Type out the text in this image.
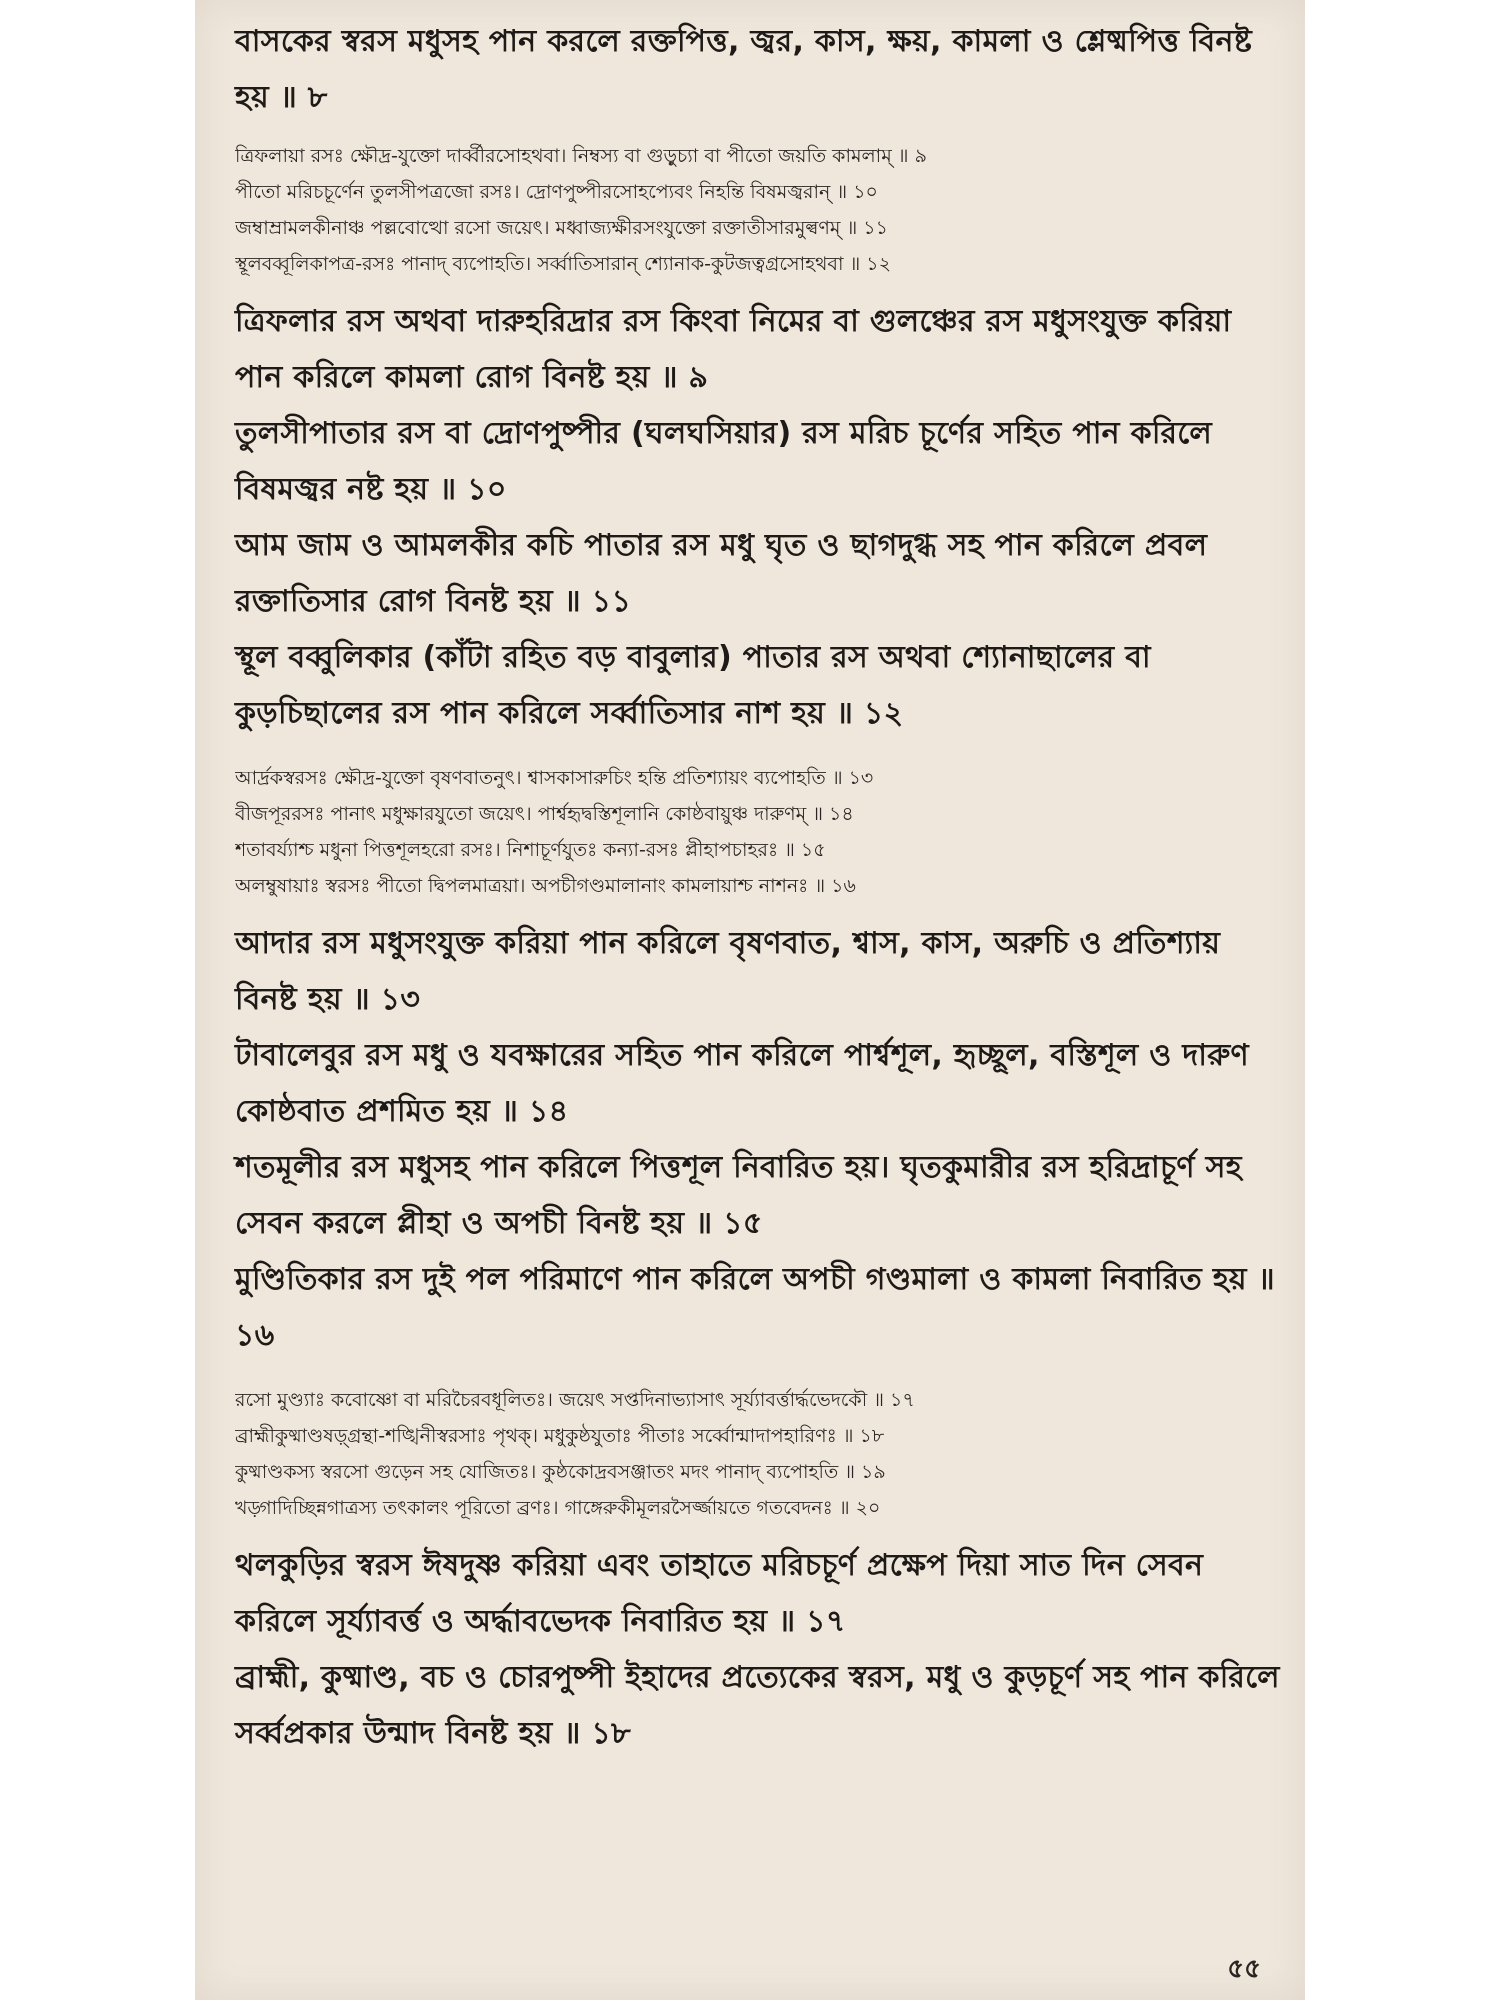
বাসকের স্বরস মধুসহ পান করলে রক্তপিত্ত, জ্বর, কাস, ক্ষয়, কামলা ও শ্লেষ্মপিত্ত বিনষ্ট হয় ॥ ৮

ত্রিফলায়া রসঃ ক্ষৌদ্র-যুক্তো দার্ব্বীরসোহথবা। নিম্বস্য বা গুড়ুচ্যা বা পীতো জয়তি কামলাম্ ॥ ৯

পীতো মরিচচূর্ণেন তুলসীপত্রজো রসঃ। দ্রোণপুষ্পীরসোহপ্যেবং নিহন্তি বিষমজ্বরান্ ॥ ১০

জম্বাম্রামলকীনাঞ্চ পল্লবোত্থো রসো জয়েৎ। মধ্বাজ্যক্ষীরসংযুক্তো রক্তাতীসারমুল্বণম্ ॥ ১১

স্থূলবব্বূলিকাপত্র-রসঃ পানাদ্ ব্যপোহতি। সর্ব্বাতিসারান্ শ্যোনাক-কুটজত্বগ্রসোহথবা ॥ ১২

ত্রিফলার রস অথবা দারুহরিদ্রার রস কিংবা নিমের বা গুলঞ্চের রস মধুসংযুক্ত করিয়া পান করিলে কামলা রোগ বিনষ্ট হয় ॥ ৯

তুলসীপাতার রস বা দ্রোণপুষ্পীর (ঘলঘসিয়ার) রস মরিচ চূর্ণের সহিত পান করিলে বিষমজ্বর নষ্ট হয় ॥ ১০

আম জাম ও আমলকীর কচি পাতার রস মধু ঘৃত ও ছাগদুগ্ধ সহ পান করিলে প্রবল রক্তাতিসার রোগ বিনষ্ট হয় ॥ ১১

স্থূল বব্বুলিকার (কাঁটা রহিত বড় বাবুলার) পাতার রস অথবা শ্যোনাছালের বা কুড়চিছালের রস পান করিলে সর্ব্বাতিসার নাশ হয় ॥ ১২

আর্দ্রকস্বরসঃ ক্ষৌদ্র-যুক্তো বৃষণবাতনুৎ। শ্বাসকাসারুচিং হন্তি প্রতিশ্যায়ং ব্যপোহতি ॥ ১৩

বীজপূররসঃ পানাৎ মধুক্ষারযুতো জয়েৎ। পার্শ্বহৃদ্বস্তিশূলানি কোষ্ঠবায়ুঞ্চ দারুণম্ ॥ ১৪

শতাবর্য্যাশ্চ মধুনা পিত্তশূলহরো রসঃ। নিশাচূর্ণযুতঃ কন্যা-রসঃ প্লীহাপচাহরঃ ॥ ১৫

অলম্বুষায়াঃ স্বরসঃ পীতো দ্বিপলমাত্রয়া। অপচীগণ্ডমালানাং কামলায়াশ্চ নাশনঃ ॥ ১৬

আদার রস মধুসংযুক্ত করিয়া পান করিলে বৃষণবাত, শ্বাস, কাস, অরুচি ও প্রতিশ্যায় বিনষ্ট হয় ॥ ১৩

টাবালেবুর রস মধু ও যবক্ষারের সহিত পান করিলে পার্শ্বশূল, হৃচ্ছূল, বস্তিশূল ও দারুণ কোষ্ঠবাত প্রশমিত হয় ॥ ১৪

শতমূলীর রস মধুসহ পান করিলে পিত্তশূল নিবারিত হয়। ঘৃতকুমারীর রস হরিদ্রাচূর্ণ সহ সেবন করলে প্লীহা ও অপচী বিনষ্ট হয় ॥ ১৫

মুণ্ডিতিকার রস দুই পল পরিমাণে পান করিলে অপচী গণ্ডমালা ও কামলা নিবারিত হয় ॥ ১৬

রসো মুণ্ড্যাঃ কবোষ্ণো বা মরিচৈরবধূলিতঃ। জয়েৎ সপ্তদিনাভ্যাসাৎ সূর্য্যাবর্ত্তার্দ্ধভেদকৌ ॥ ১৭

ব্রাহ্মীকুষ্মাণ্ডষড়্গ্রন্থা-শঙ্খিনীস্বরসাঃ পৃথক্। মধুকুষ্ঠযুতাঃ পীতাঃ সর্ব্বোন্মাদাপহারিণঃ ॥ ১৮

কুষ্মাণ্ডকস্য স্বরসো গুড়েন সহ যোজিতঃ। কুষ্ঠকোদ্রবসঞ্জাতং মদং পানাদ্ ব্যপোহতি ॥ ১৯

খড়্গাদিচ্ছিন্নগাত্রস্য তৎকালং পূরিতো ব্রণঃ। গাঙ্গেরুকীমূলরসৈর্জ্জায়তে গতবেদনঃ ॥ ২০

থলকুড়ির স্বরস ঈষদুষ্ণ করিয়া এবং তাহাতে মরিচচূর্ণ প্রক্ষেপ দিয়া সাত দিন সেবন করিলে সূর্য্যাবর্ত্ত ও অর্দ্ধাবভেদক নিবারিত হয় ॥ ১৭

ব্রাহ্মী, কুষ্মাণ্ড, বচ ও চোরপুষ্পী ইহাদের প্রত্যেকের স্বরস, মধু ও কুড়চূর্ণ সহ পান করিলে সর্ব্বপ্রকার উন্মাদ বিনষ্ট হয় ॥ ১৮

৫৫
